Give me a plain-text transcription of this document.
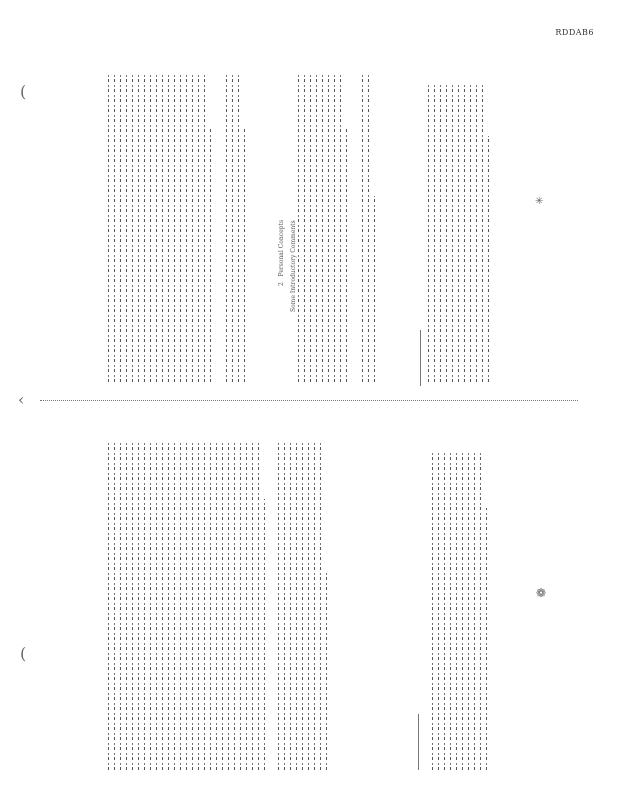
RDDAB6
(
‹
(
✳
❁
2   Personal Concepts Some Introductory Comments
